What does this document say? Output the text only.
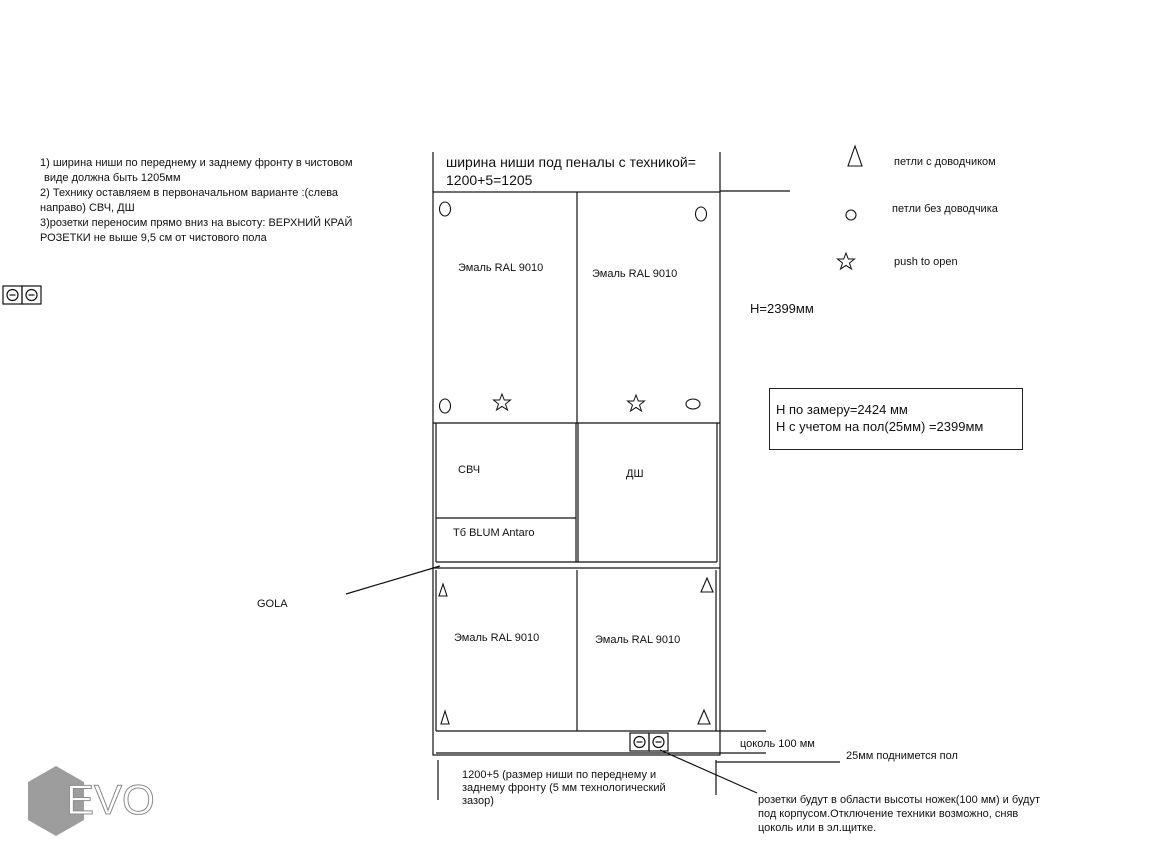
1) ширина ниши по переднему и заднему фронту в чистовом
виде должна быть 1205мм
2) Технику оставляем в первоначальном варианте :(слева направо) СВЧ, ДШ
3)розетки переносим прямо вниз на высоту: ВЕРХНИЙ КРАЙ РОЗЕТКИ не выше 9,5 см от чистового пола
ширина ниши под пеналы с техникой=
1200+5=1205
петли с доводчиком
петли без доводчика
push to open
H=2399мм
H по замеру=2424 мм
H с учетом на пол(25мм) =2399мм
Эмаль RAL 9010	Эмаль RAL 9010
СВЧ	ДШ
Тб BLUM Antaro
Эмаль RAL 9010	Эмаль RAL 9010
GOLA
цоколь 100 мм
25мм поднимется пол
1200+5 (размер ниши по переднему и заднему фронту (5 мм технологический зазор)	розетки будут в области высоты ножек(100 мм) и будут
под корпусом.Отключение техники возможно, сняв
цоколь или в эл.щитке.
EVO
